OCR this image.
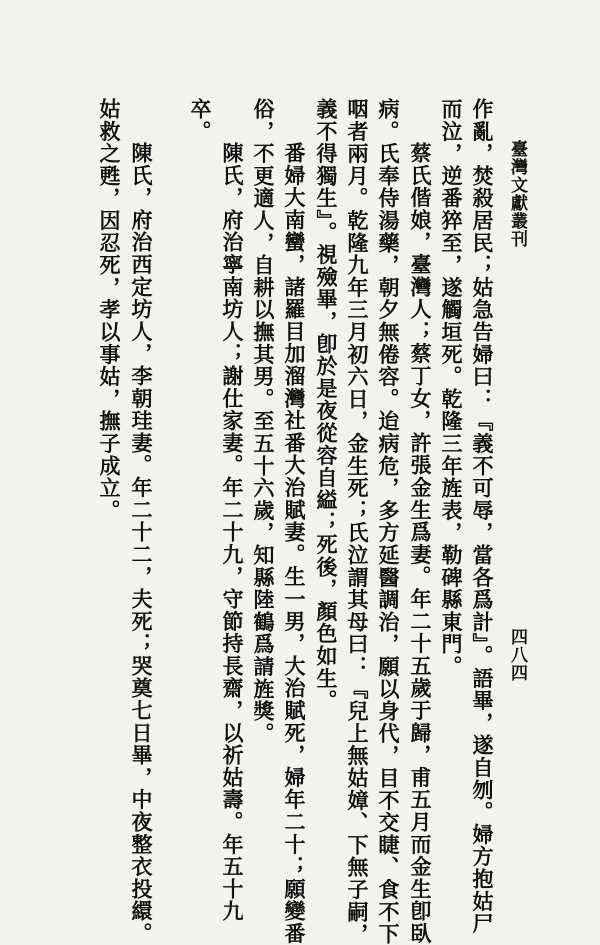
臺灣文獻叢刊
四八四
作亂，焚殺居民；姑急告婦曰：『義不可辱，當各爲計』。語畢，遂自刎。婦方抱姑尸
而泣，逆番猝至，遂觸垣死。乾隆三年旌表，勒碑縣東門。
蔡氏偕娘，臺灣人；蔡丁女，許張金生爲妻。年二十五歲于歸，甫五月而金生卽臥
病。氏奉侍湯藥，朝夕無倦容。迨病危，多方延醫調治，願以身代，目不交睫、食不下
咽者兩月。乾隆九年三月初六日，金生死；氏泣謂其母曰：『兒上無姑嫜、下無子嗣，
義不得獨生』。視殮畢，卽於是夜從容自縊；死後，顏色如生。
番婦大南蠻，諸羅目加溜灣社番大治賦妻。生一男，大治賦死，婦年二十；願變番
俗，不更適人，自耕以撫其男。至五十六歲，知縣陸鶴爲請旌獎。
陳氏，府治寧南坊人；謝仕家妻。年二十九，守節持長齋，以祈姑壽。年五十九
卒。
陳氏，府治西定坊人，李朝珪妻。年二十二，夫死；哭奠七日畢，中夜整衣投繯。
姑救之甦，因忍死，孝以事姑，撫子成立。
